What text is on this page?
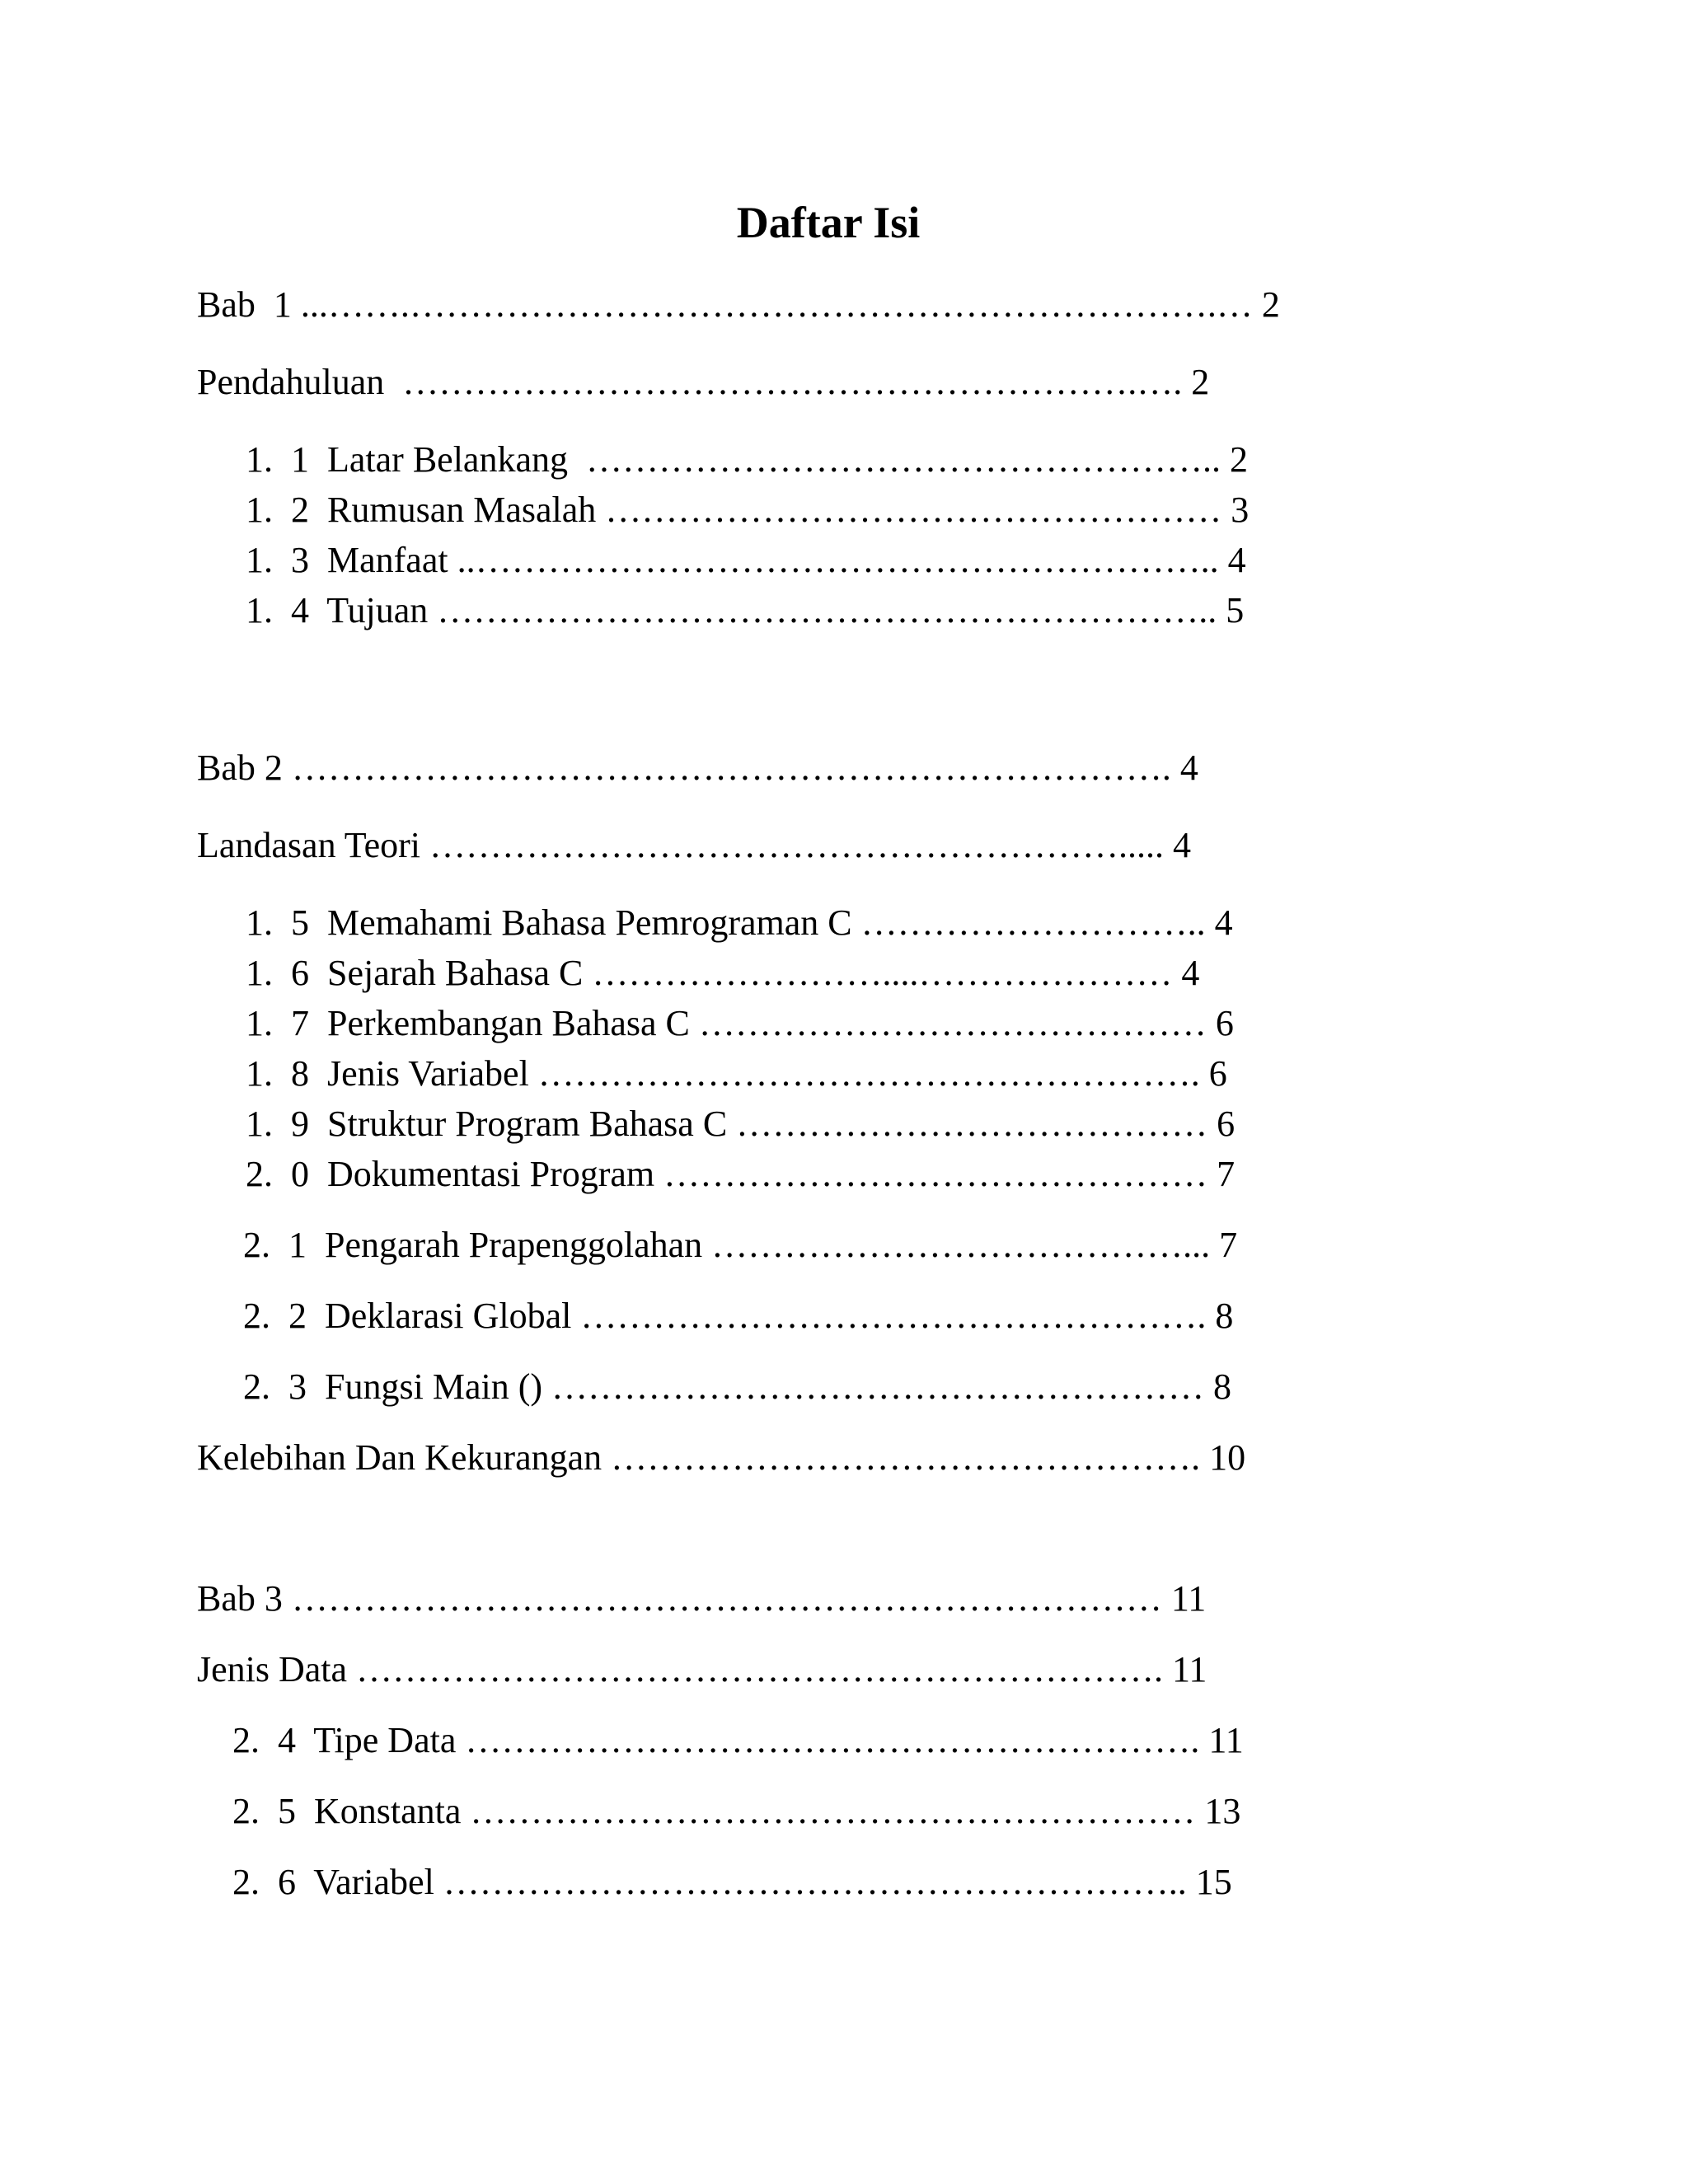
Daftar Isi
Bab  1 ...…….………………………………………………………….… 2
Pendahuluan  …………………………………………………….…. 2
1.  1  Latar Belankang  …………………………………………….. 2
1.  2  Rumusan Masalah …………………………………………… 3
1.  3  Manfaat ..…………………………………………………….. 4
1.  4  Tujuan ……………………………………………………….. 5
Bab 2 ………………………………………………………………. 4
Landasan Teori …………………………………………………..... 4
1.  5  Memahami Bahasa Pemrograman C ……………………….. 4
1.  6  Sejarah Bahasa C ……………………....………………… 4
1.  7  Perkembangan Bahasa C …………………………………… 6
1.  8  Jenis Variabel ………………………………………………. 6
1.  9  Struktur Program Bahasa C ………………………………… 6
2.  0  Dokumentasi Program ……………………………………… 7
2.  1  Pengarah Prapenggolahan …………………………………... 7
2.  2  Deklarasi Global ……………………………………………. 8
2.  3  Fungsi Main () ……………………………………………… 8
Kelebihan Dan Kekurangan …………………………………………. 10
Bab 3 ……………………………………………………………… 11
Jenis Data …………………………………………………………. 11
2.  4  Tipe Data ……………………………………………………. 11
2.  5  Konstanta …………………………………………………… 13
2.  6  Variabel …………………………………………………….. 15
